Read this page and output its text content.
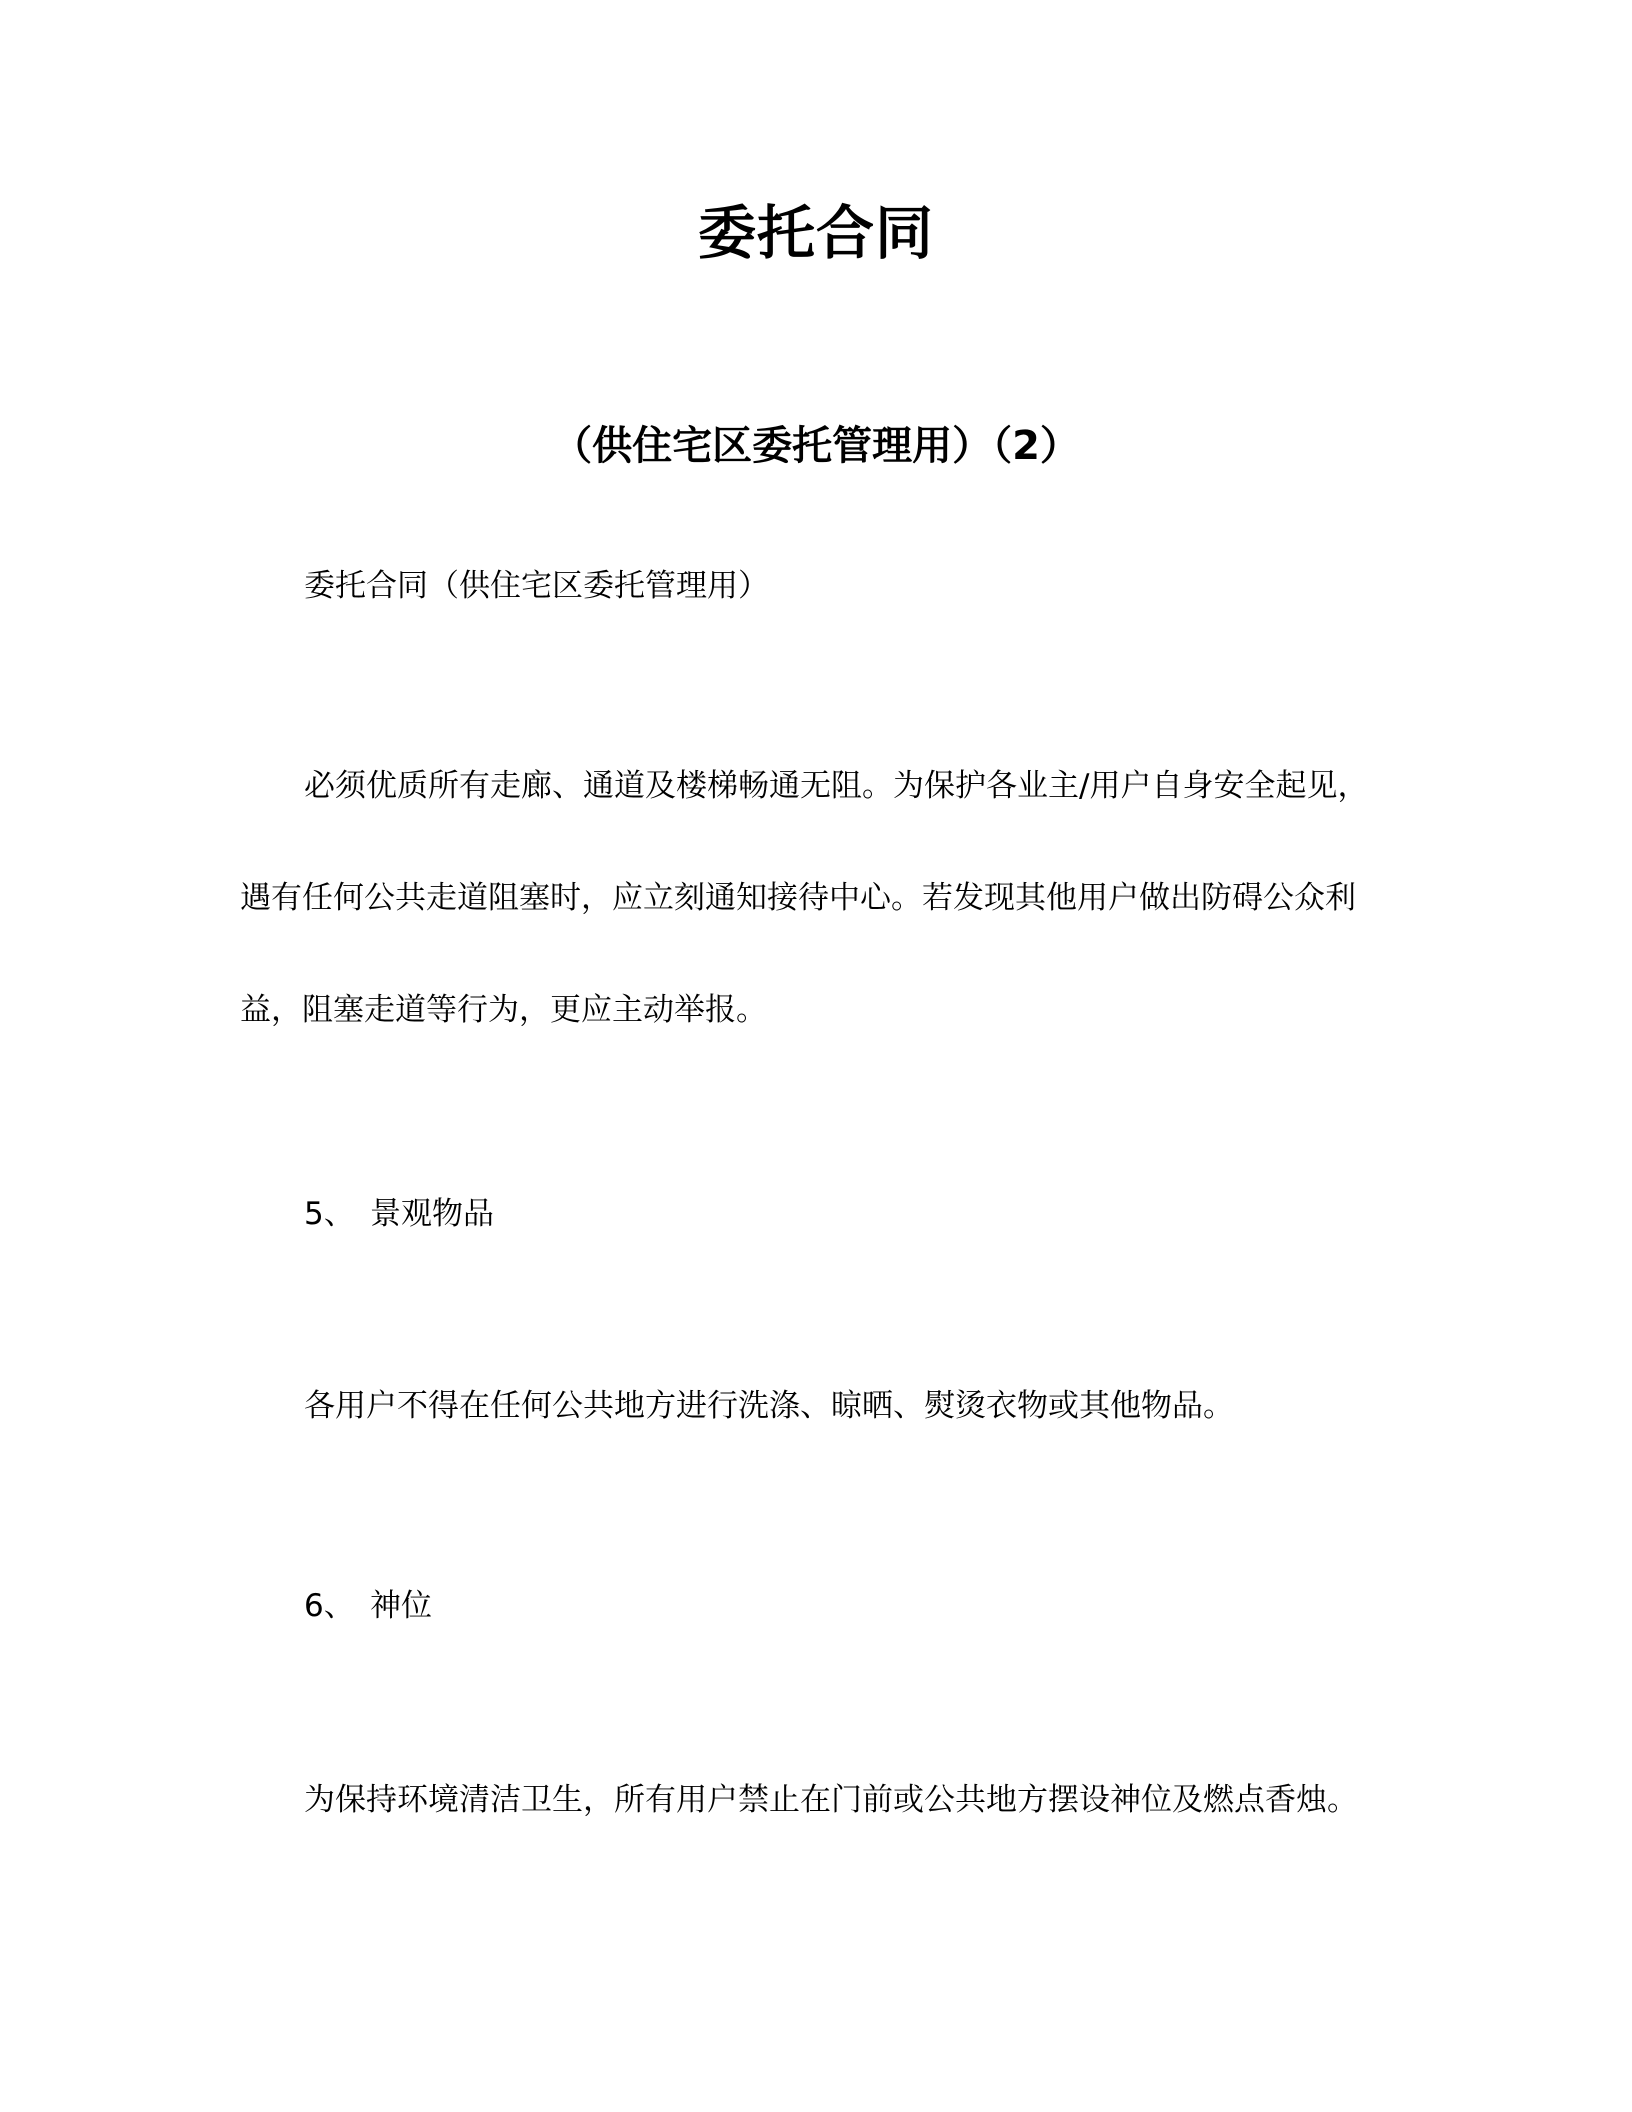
委托合同
（供住宅区委托管理用）（2）
委托合同（供住宅区委托管理用）
必须优质所有走廊、通道及楼梯畅通无阻。为保护各业主/用户自身安全起见，
遇有任何公共走道阻塞时，应立刻通知接待中心。若发现其他用户做出防碍公众利
益，阻塞走道等行为，更应主动举报。
5、 景观物品
各用户不得在任何公共地方进行洗涤、晾晒、熨烫衣物或其他物品。
6、 神位
为保持环境清洁卫生，所有用户禁止在门前或公共地方摆设神位及燃点香烛。
